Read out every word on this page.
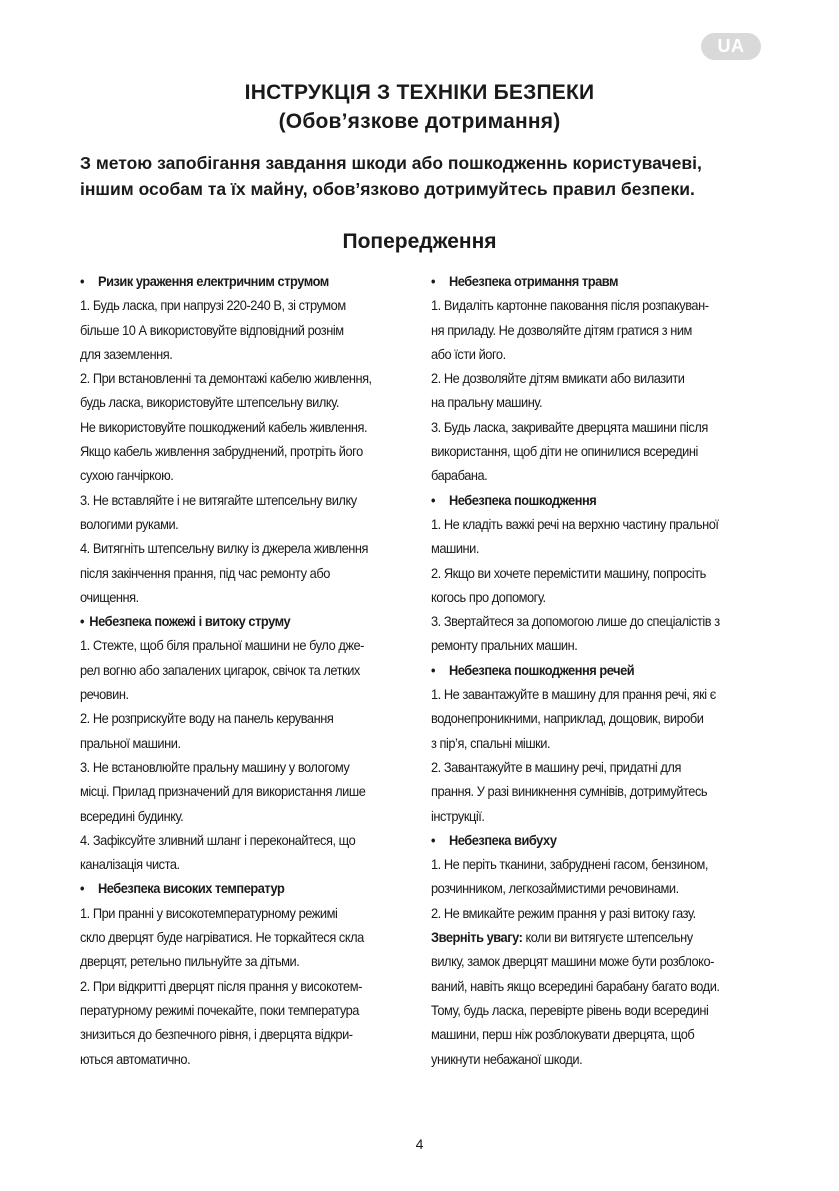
UA
ІНСТРУКЦІЯ З ТЕХНІКИ БЕЗПЕКИ
(Обов’язкове дотримання)
З метою запобігання завдання шкоди або пошкодженнь користувачеві,
іншим особам та їх майну, обов’язково дотримуйтесь правил безпеки.
Попередження
• Ризик ураження електричним струмом
1. Будь ласка, при напрузі 220-240 В, зі струмом
більше 10 А використовуйте відповідний рознім
для заземлення.
2. При встановленні та демонтажі кабелю живлення,
будь ласка, використовуйте штепсельну вилку.
Не використовуйте пошкоджений кабель живлення.
Якщо кабель живлення забруднений, протріть його
сухою ганчіркою.
3. Не вставляйте і не витягайте штепсельну вилку
вологими руками.
4. Витягніть штепсельну вилку із джерела живлення
після закінчення прання, під час ремонту або
очищення.
• Небезпека пожежі і витоку струму
1. Стежте, щоб біля пральної машини не було дже-
рел вогню або запалених цигарок, свічок та летких
речовин.
2. Не розприскуйте воду на панель керування
пральної машини.
3. Не встановлюйте пральну машину у вологому
місці. Прилад призначений для використання лише
всередині будинку.
4. Зафіксуйте зливний шланг і переконайтеся, що
каналізація чиста.
• Небезпека високих температур
1. При пранні у високотемпературному режимі
скло дверцят буде нагріватися. Не торкайтеся скла
дверцят, ретельно пильнуйте за дітьми.
2. При відкритті дверцят після прання у високотем-
пературному режимі почекайте, поки температура
знизиться до безпечного рівня, і дверцята відкри-
ються автоматично.
• Небезпека отримання травм
1. Видаліть картонне паковання після розпакуван-
ня приладу. Не дозволяйте дітям гратися з ним
або їсти його.
2. Не дозволяйте дітям вмикати або вилазити
на пральну машину.
3. Будь ласка, закривайте дверцята машини після
використання, щоб діти не опинилися всередині
барабана.
• Небезпека пошкодження
1. Не кладіть важкі речі на верхню частину пральної
машини.
2. Якщо ви хочете перемістити машину, попросіть
когось про допомогу.
3. Звертайтеся за допомогою лише до спеціалістів з
ремонту пральних машин.
• Небезпека пошкодження речей
1. Не завантажуйте в машину для прання речі, які є
водонепроникними, наприклад, дощовик, вироби
з пір’я, спальні мішки.
2. Завантажуйте в машину речі, придатні для
прання. У разі виникнення сумнівів, дотримуйтесь
інструкції.
• Небезпека вибуху
1. Не періть тканини, забруднені гасом, бензином,
розчинником, легкозаймистими речовинами.
2. Не вмикайте режим прання у разі витоку газу.
Зверніть увагу: коли ви витягуєте штепсельну
вилку, замок дверцят машини може бути розблоко-
ваний, навіть якщо всередині барабану багато води.
Тому, будь ласка, перевірте рівень води всередині
машини, перш ніж розблокувати дверцята, щоб
уникнути небажаної шкоди.
4
